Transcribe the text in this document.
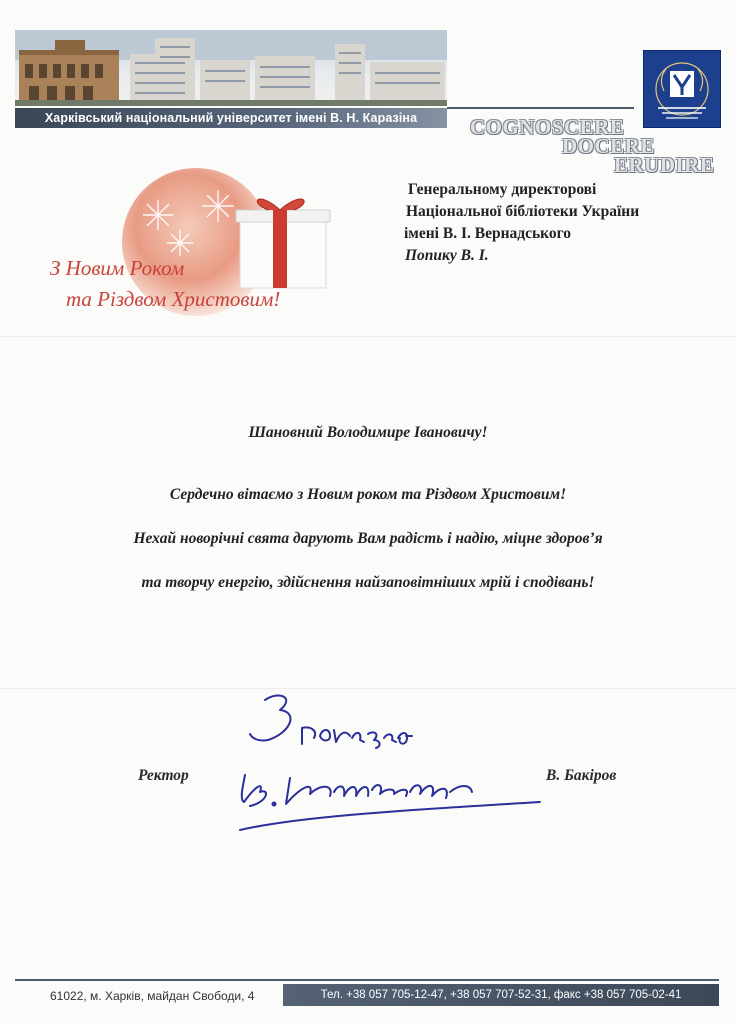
Харківський національний університет імені В. Н. Каразіна	COGNOSCERE
DOCERE
ERUDIRE
З Новим Роком
та Різдвом Христовим!
Генеральному директорові
Національної бібліотеки України
імені В. І. Вернадського
Попику В. І.
Шановний Володимире Івановичу!
Сердечно вітаємо з Новим роком та Різдвом Христовим!
Нехай новорічні свята дарують Вам радість і надію, міцне здоров’я
та творчу енергію, здійснення найзаповітніших мрій і сподівань!
Ректор	В. Бакіров
61022, м. Харків, майдан Свободи, 4	Тел. +38 057 705-12-47, +38 057 707-52-31, факс +38 057 705-02-41
